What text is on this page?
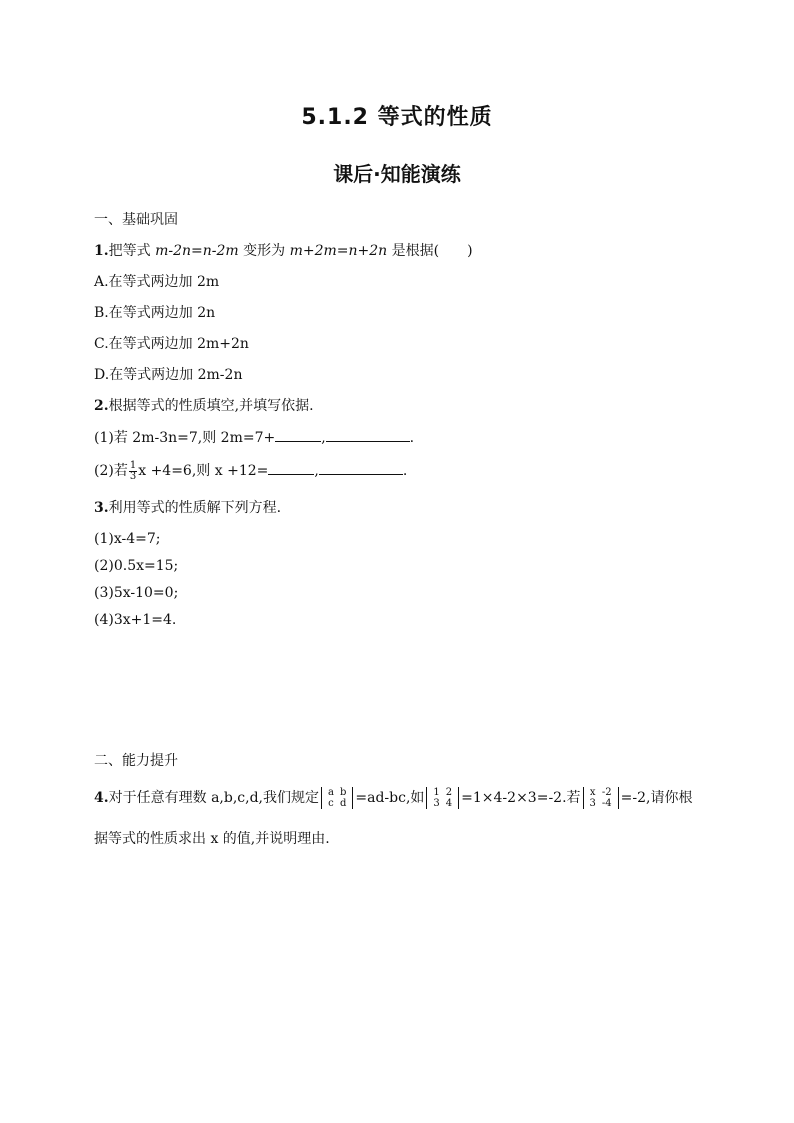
5.1.2 等式的性质
课后·知能演练
一、基础巩固
1.把等式 m-2n=n-2m 变形为 m+2m=n+2n 是根据(　　)
A.在等式两边加 2m
B.在等式两边加 2n
C.在等式两边加 2m+2n
D.在等式两边加 2m-2n
2.根据等式的性质填空,并填写依据.
(1)若 2m-3n=7,则 2m=7+	,	.
(2)若 $\frac{1}{3}$ x +4=6,则 x +12=	,	.
3.利用等式的性质解下列方程.
(1)x-4=7;
(2)0.5x=15;
(3)5x-10=0;
(4)3x+1=4.
二、能力提升
4.对于任意有理数 a,b,c,d,我们规定 a	b
c	d =ad-bc,如 1	2
3	4 =1×4-2×3=-2.若 x	-2
3	-4 =-2,请你根
据等式的性质求出 x 的值,并说明理由.
